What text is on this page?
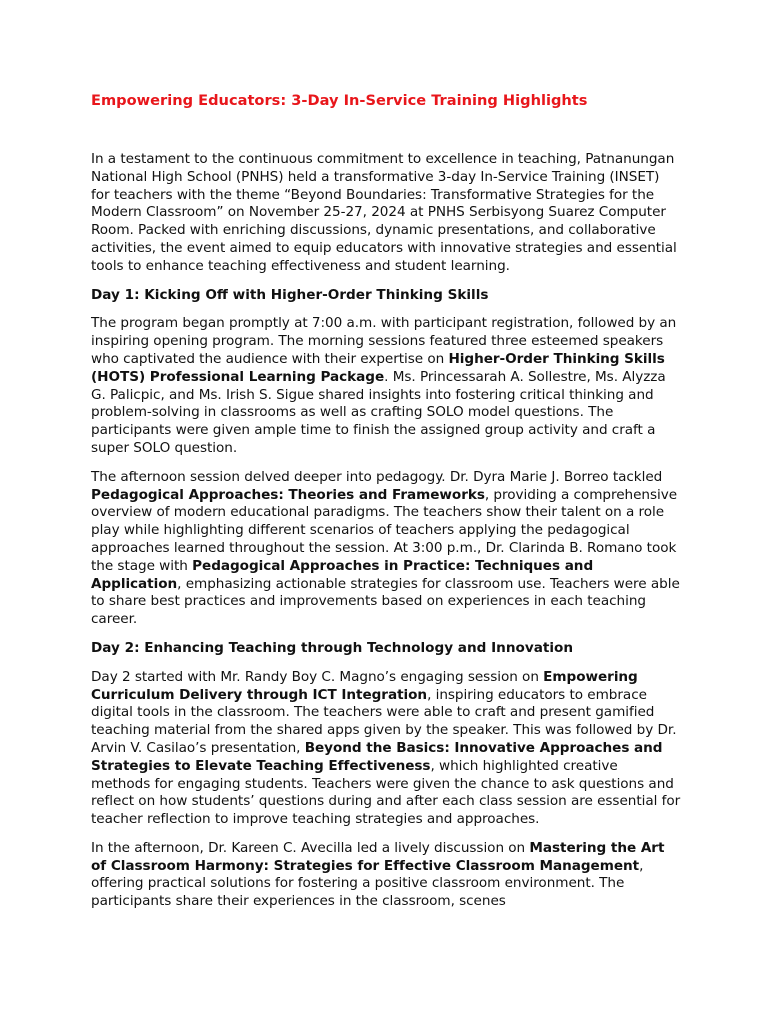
Empowering Educators: 3-Day In-Service Training Highlights

In a testament to the continuous commitment to excellence in teaching, Patnanungan National High School (PNHS) held a transformative 3-day In-Service Training (INSET) for teachers with the theme “Beyond Boundaries: Transformative Strategies for the Modern Classroom” on November 25-27, 2024 at PNHS Serbisyong Suarez Computer Room. Packed with enriching discussions, dynamic presentations, and collaborative activities, the event aimed to equip educators with innovative strategies and essential tools to enhance teaching effectiveness and student learning.

Day 1: Kicking Off with Higher-Order Thinking Skills

The program began promptly at 7:00 a.m. with participant registration, followed by an inspiring opening program. The morning sessions featured three esteemed speakers who captivated the audience with their expertise on Higher-Order Thinking Skills (HOTS) Professional Learning Package. Ms. Princessarah A. Sollestre, Ms. Alyzza G. Palicpic, and Ms. Irish S. Sigue shared insights into fostering critical thinking and problem-solving in classrooms as well as crafting SOLO model questions. The participants were given ample time to finish the assigned group activity and craft a super SOLO question.

The afternoon session delved deeper into pedagogy. Dr. Dyra Marie J. Borreo tackled Pedagogical Approaches: Theories and Frameworks, providing a comprehensive overview of modern educational paradigms. The teachers show their talent on a role play while highlighting different scenarios of teachers applying the pedagogical approaches learned throughout the session. At 3:00 p.m., Dr. Clarinda B. Romano took the stage with Pedagogical Approaches in Practice: Techniques and Application, emphasizing actionable strategies for classroom use. Teachers were able to share best practices and improvements based on experiences in each teaching career.

Day 2: Enhancing Teaching through Technology and Innovation

Day 2 started with Mr. Randy Boy C. Magno’s engaging session on Empowering Curriculum Delivery through ICT Integration, inspiring educators to embrace digital tools in the classroom. The teachers were able to craft and present gamified teaching material from the shared apps given by the speaker. This was followed by Dr. Arvin V. Casilao’s presentation, Beyond the Basics: Innovative Approaches and Strategies to Elevate Teaching Effectiveness, which highlighted creative methods for engaging students. Teachers were given the chance to ask questions and reflect on how students’ questions during and after each class session are essential for teacher reflection to improve teaching strategies and approaches.

In the afternoon, Dr. Kareen C. Avecilla led a lively discussion on Mastering the Art of Classroom Harmony: Strategies for Effective Classroom Management, offering practical solutions for fostering a positive classroom environment. The participants share their experiences in the classroom, scenes
